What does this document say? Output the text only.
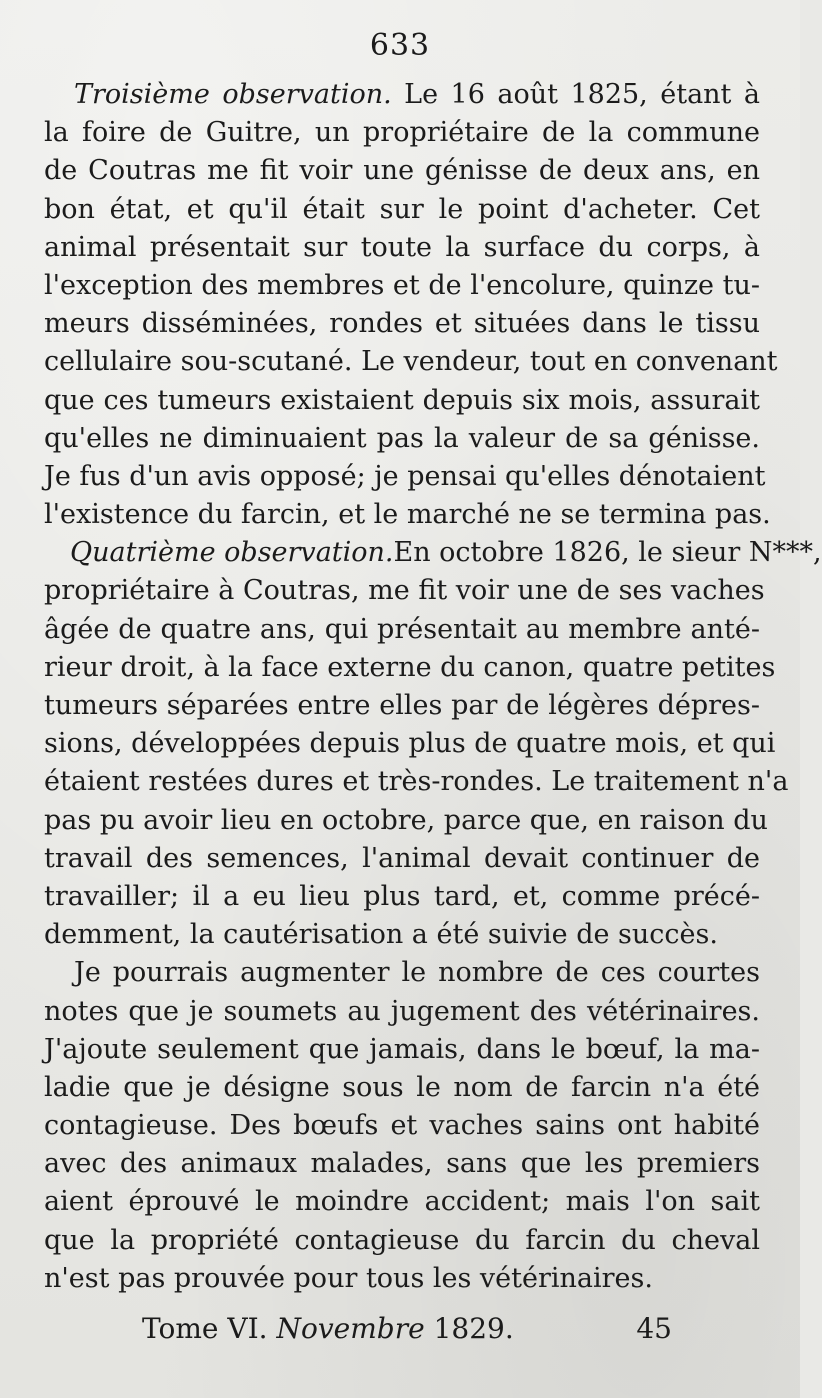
633
Troisième observation. Le 16 août 1825, étant à
la foire de Guitre, un propriétaire de la commune
de Coutras me fit voir une génisse de deux ans, en
bon état, et qu'il était sur le point d'acheter. Cet
animal présentait sur toute la surface du corps, à
l'exception des membres et de l'encolure, quinze tu-
meurs disséminées, rondes et situées dans le tissu
cellulaire sou-scutané. Le vendeur, tout en convenant
que ces tumeurs existaient depuis six mois, assurait
qu'elles ne diminuaient pas la valeur de sa génisse.
Je fus d'un avis opposé; je pensai qu'elles dénotaient
l'existence du farcin, et le marché ne se termina pas.
Quatrième observation.En octobre 1826, le sieur N***,
propriétaire à Coutras, me fit voir une de ses vaches
âgée de quatre ans, qui présentait au membre anté-
rieur droit, à la face externe du canon, quatre petites
tumeurs séparées entre elles par de légères dépres-
sions, développées depuis plus de quatre mois, et qui
étaient restées dures et très-rondes. Le traitement n'a
pas pu avoir lieu en octobre, parce que, en raison du
travail des semences, l'animal devait continuer de
travailler; il a eu lieu plus tard, et, comme précé-
demment, la cautérisation a été suivie de succès.
Je pourrais augmenter le nombre de ces courtes
notes que je soumets au jugement des vétérinaires.
J'ajoute seulement que jamais, dans le bœuf, la ma-
ladie que je désigne sous le nom de farcin n'a été
contagieuse. Des bœufs et vaches sains ont habité
avec des animaux malades, sans que les premiers
aient éprouvé le moindre accident; mais l'on sait
que la propriété contagieuse du farcin du cheval
n'est pas prouvée pour tous les vétérinaires.
Tome VI. Novembre 1829.	45
